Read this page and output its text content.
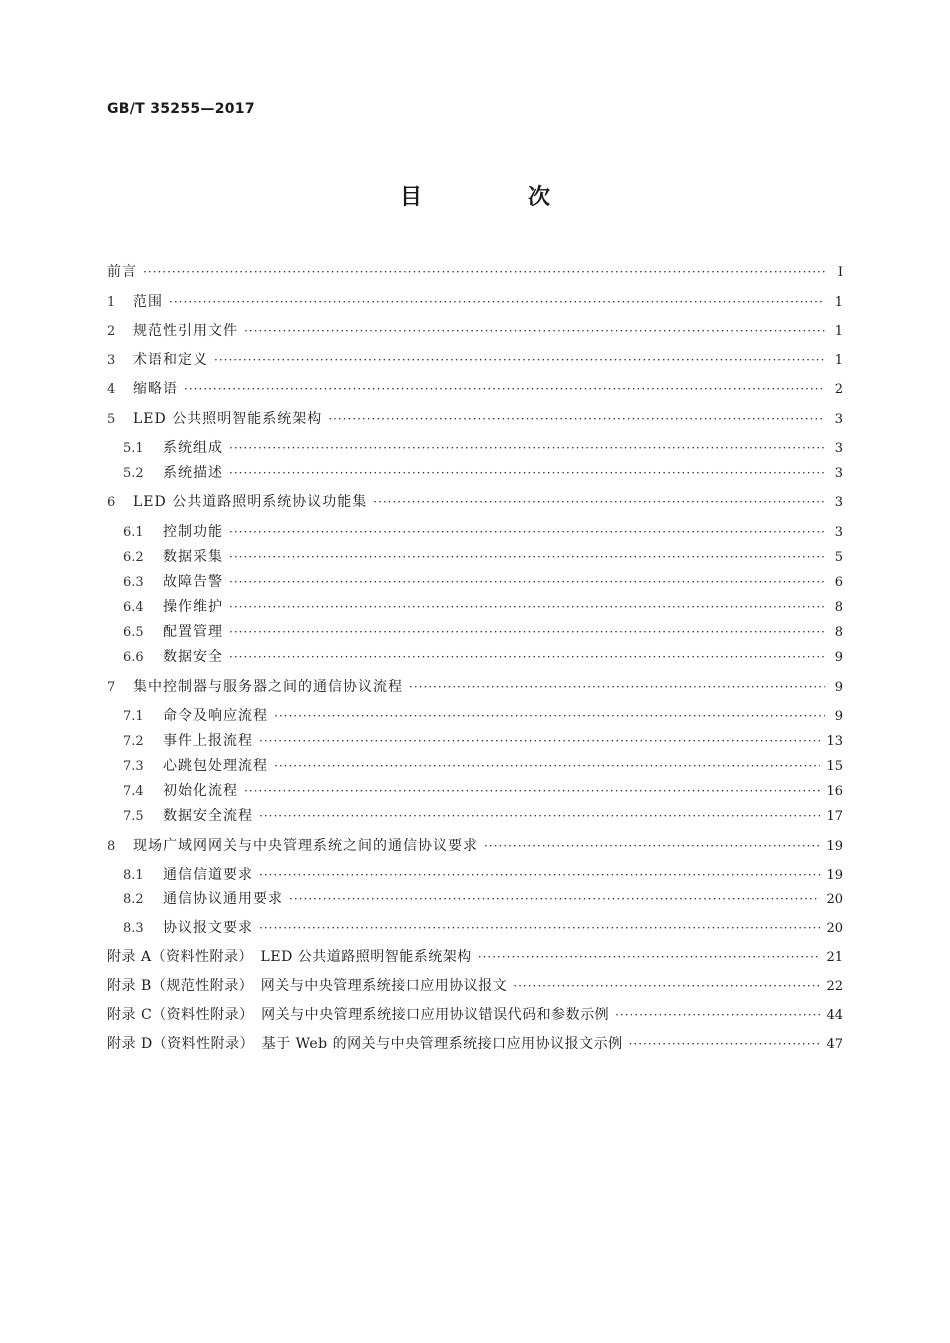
GB/T 35255—2017
目　次
前言 ·····	Ⅰ
1	范围 ·····	1
2	规范性引用文件 ·····	1
3	术语和定义 ·····	1
4	缩略语 ·····	2
5	LED 公共照明智能系统架构 ·····	3
5.1	系统组成 ·····	3
5.2	系统描述 ·····	3
6	LED 公共道路照明系统协议功能集 ·····	3
6.1	控制功能 ·····	3
6.2	数据采集 ·····	5
6.3	故障告警 ·····	6
6.4	操作维护 ·····	8
6.5	配置管理 ·····	8
6.6	数据安全 ·····	9
7	集中控制器与服务器之间的通信协议流程 ·····	9
7.1	命令及响应流程 ·····	9
7.2	事件上报流程 ·····	13
7.3	心跳包处理流程 ·····	15
7.4	初始化流程 ·····	16
7.5	数据安全流程 ·····	17
8	现场广域网网关与中央管理系统之间的通信协议要求 ·····	19
8.1	通信信道要求 ·····	19
8.2	通信协议通用要求 ·····	20
8.3	协议报文要求 ·····	20
附录 A（资料性附录）　LED 公共道路照明智能系统架构 ·····	21
附录 B（规范性附录）　网关与中央管理系统接口应用协议报文 ·····	22
附录 C（资料性附录）　网关与中央管理系统接口应用协议错误代码和参数示例 ·····	44
附录 D（资料性附录）　基于 Web 的网关与中央管理系统接口应用协议报文示例 ·····	47
